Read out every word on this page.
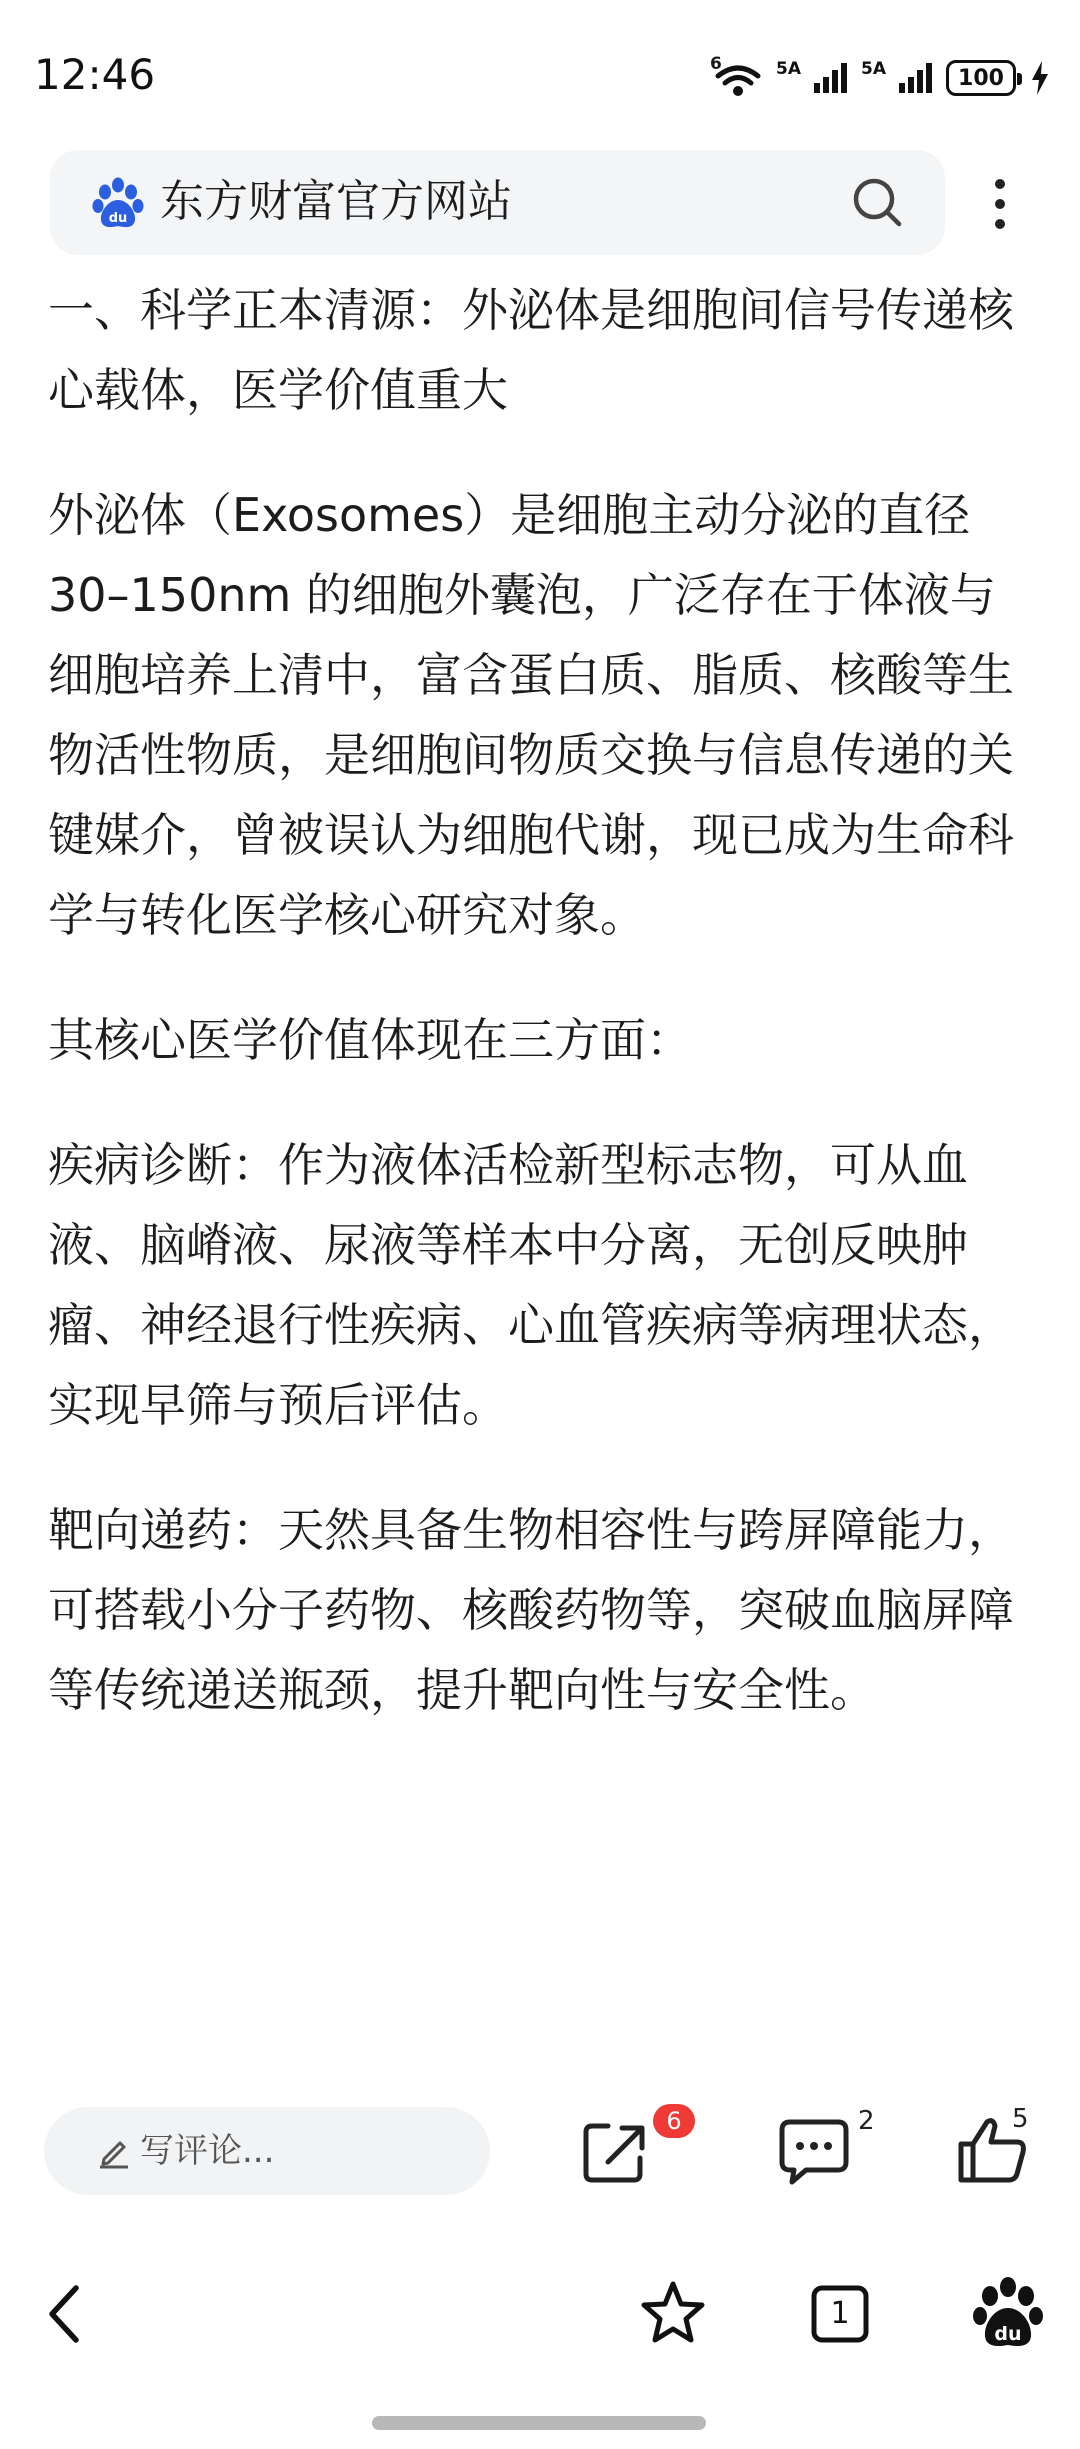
12:46	6	5A	5A	100
du 东方财富官方网站

一、科学正本清源：外泌体是细胞间信号传递核心载体，医学价值重大

外泌体（Exosomes）是细胞主动分泌的直径 30–150nm 的细胞外囊泡，广泛存在于体液与细胞培养上清中，富含蛋白质、脂质、核酸等生物活性物质，是细胞间物质交换与信息传递的关键媒介，曾被误认为细胞代谢，现已成为生命科学与转化医学核心研究对象。

其核心医学价值体现在三方面：

疾病诊断：作为液体活检新型标志物，可从血液、脑嵴液、尿液等样本中分离，无创反映肿瘤、神经退行性疾病、心血管疾病等病理状态，实现早筛与预后评估。

靶向递药：天然具备生物相容性与跨屏障能力，可搭载小分子药物、核酸药物等，突破血脑屏障等传统递送瓶颈，提升靶向性与安全性。

写评论...
6	2	5
1
du
